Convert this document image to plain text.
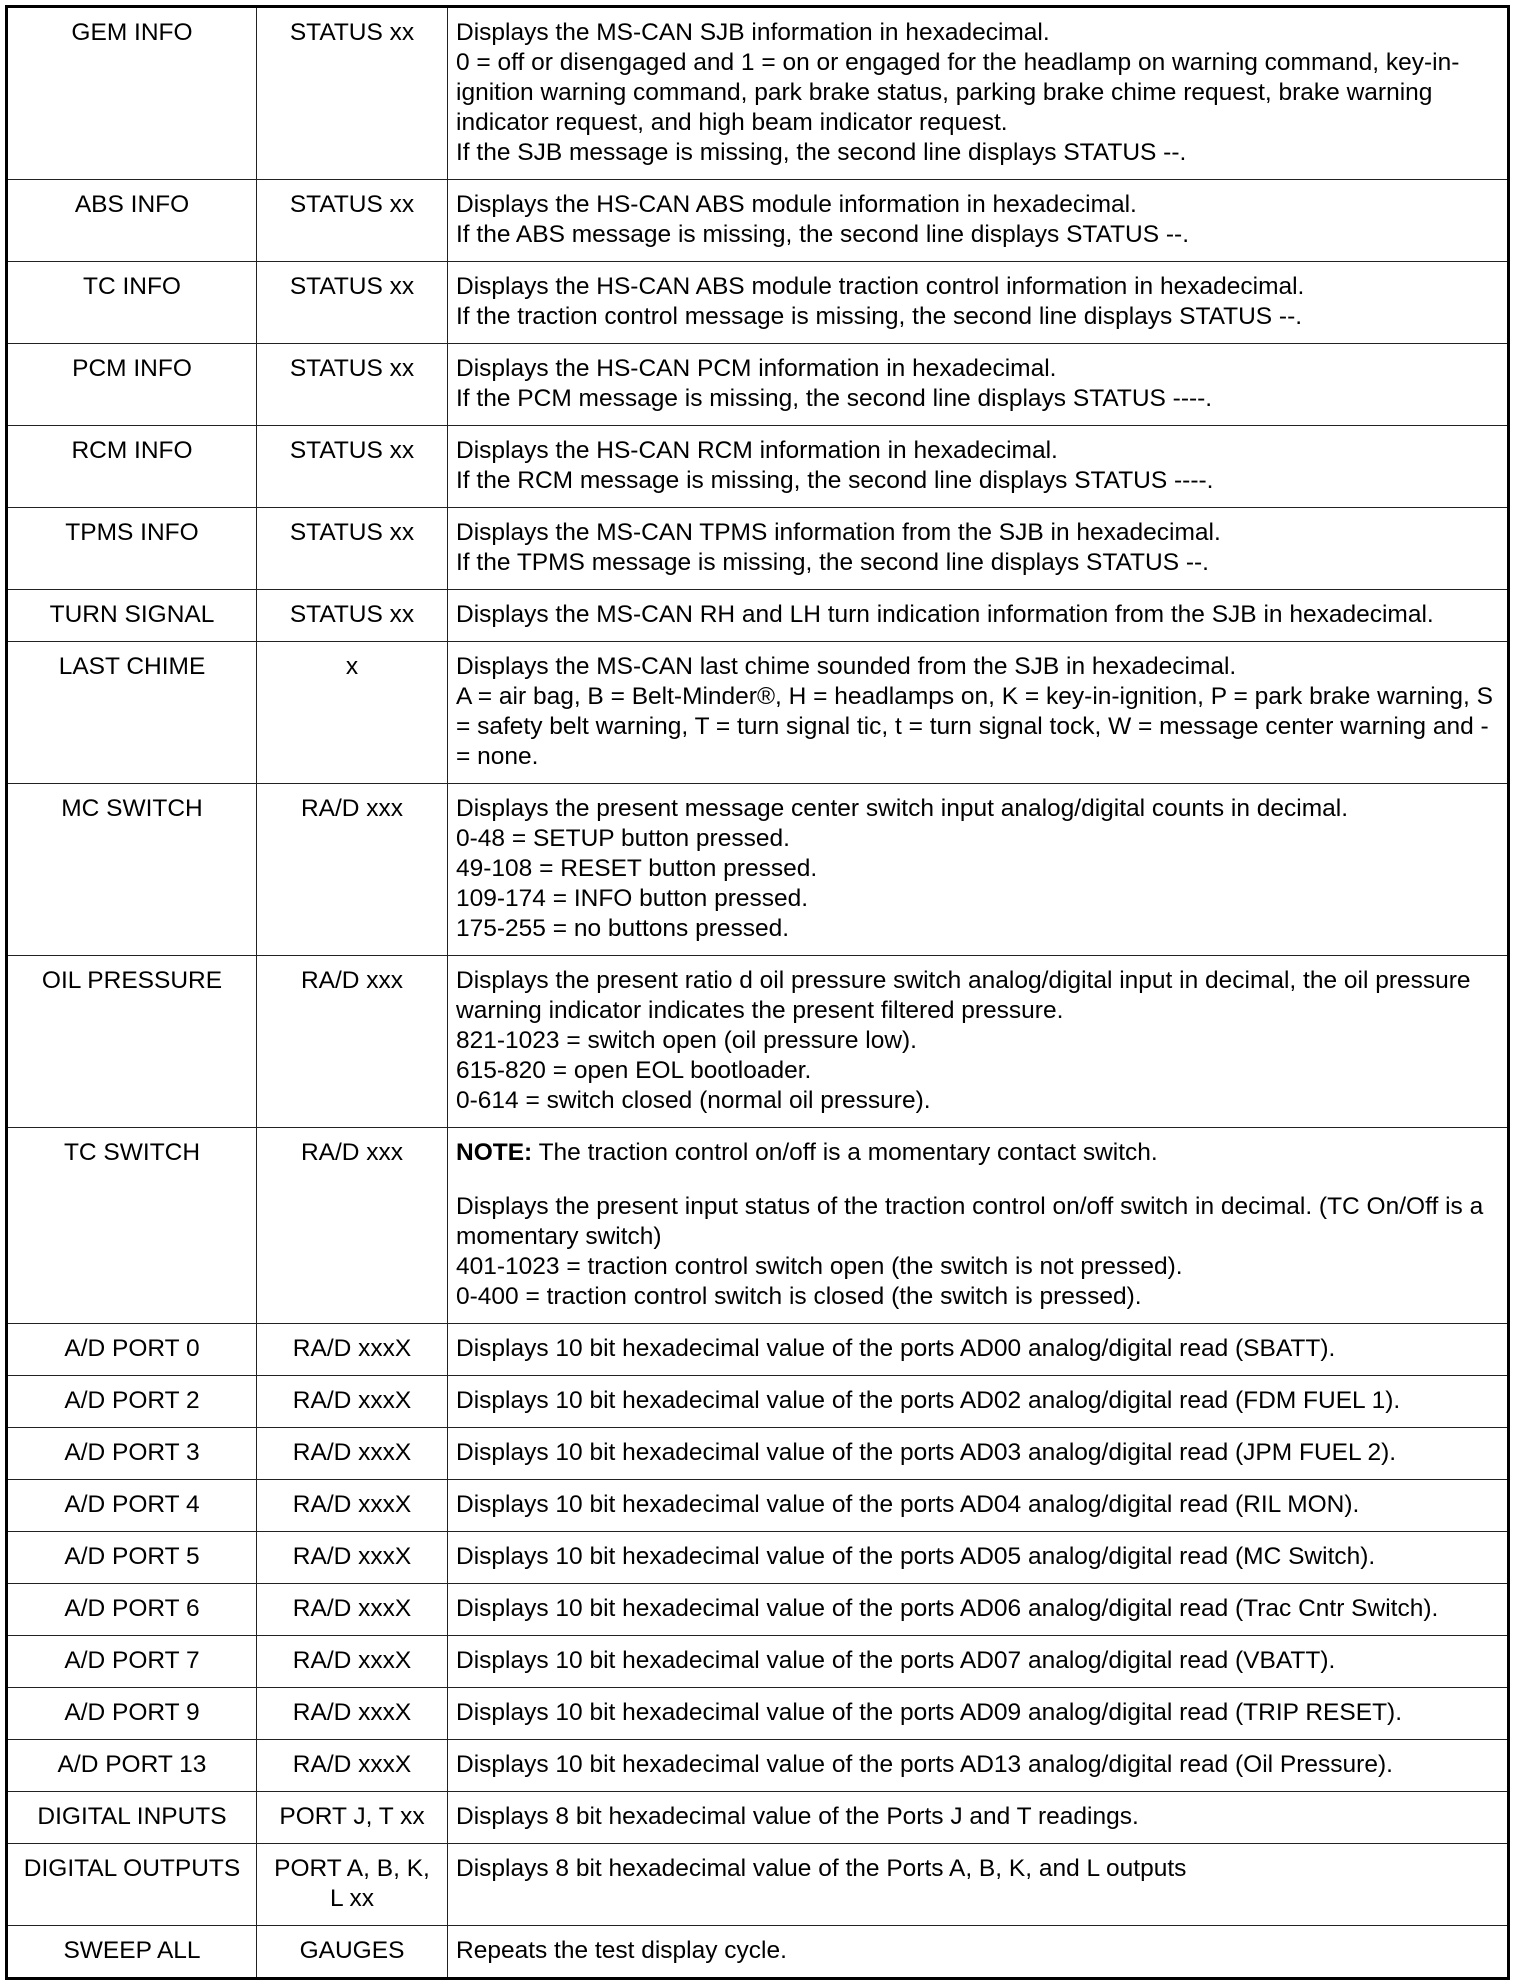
GEM INFO	STATUS xx	Displays the MS-CAN SJB information in hexadecimal.
0 = off or disengaged and 1 = on or engaged for the headlamp on warning command, key-in-ignition warning command, park brake status, parking brake chime request, brake warning indicator request, and high beam indicator request.
If the SJB message is missing, the second line displays STATUS --.

ABS INFO	STATUS xx	Displays the HS-CAN ABS module information in hexadecimal.
If the ABS message is missing, the second line displays STATUS --.

TC INFO	STATUS xx	Displays the HS-CAN ABS module traction control information in hexadecimal.
If the traction control message is missing, the second line displays STATUS --.

PCM INFO	STATUS xx	Displays the HS-CAN PCM information in hexadecimal.
If the PCM message is missing, the second line displays STATUS ----.

RCM INFO	STATUS xx	Displays the HS-CAN RCM information in hexadecimal.
If the RCM message is missing, the second line displays STATUS ----.

TPMS INFO	STATUS xx	Displays the MS-CAN TPMS information from the SJB in hexadecimal.
If the TPMS message is missing, the second line displays STATUS --.

TURN SIGNAL	STATUS xx	Displays the MS-CAN RH and LH turn indication information from the SJB in hexadecimal.

LAST CHIME	x	Displays the MS-CAN last chime sounded from the SJB in hexadecimal.
A = air bag, B = Belt-Minder®, H = headlamps on, K = key-in-ignition, P = park brake warning, S = safety belt warning, T = turn signal tic, t = turn signal tock, W = message center warning and - = none.

MC SWITCH	RA/D xxx	Displays the present message center switch input analog/digital counts in decimal.
0-48 = SETUP button pressed.
49-108 = RESET button pressed.
109-174 = INFO button pressed.
175-255 = no buttons pressed.

OIL PRESSURE	RA/D xxx	Displays the present ratio d oil pressure switch analog/digital input in decimal, the oil pressure warning indicator indicates the present filtered pressure.
821-1023 = switch open (oil pressure low).
615-820 = open EOL bootloader.
0-614 = switch closed (normal oil pressure).

TC SWITCH	RA/D xxx	NOTE: The traction control on/off is a momentary contact switch.
Displays the present input status of the traction control on/off switch in decimal. (TC On/Off is a momentary switch)
401-1023 = traction control switch open (the switch is not pressed).
0-400 = traction control switch is closed (the switch is pressed).

A/D PORT 0	RA/D xxxX	Displays 10 bit hexadecimal value of the ports AD00 analog/digital read (SBATT).

A/D PORT 2	RA/D xxxX	Displays 10 bit hexadecimal value of the ports AD02 analog/digital read (FDM FUEL 1).

A/D PORT 3	RA/D xxxX	Displays 10 bit hexadecimal value of the ports AD03 analog/digital read (JPM FUEL 2).

A/D PORT 4	RA/D xxxX	Displays 10 bit hexadecimal value of the ports AD04 analog/digital read (RIL MON).

A/D PORT 5	RA/D xxxX	Displays 10 bit hexadecimal value of the ports AD05 analog/digital read (MC Switch).

A/D PORT 6	RA/D xxxX	Displays 10 bit hexadecimal value of the ports AD06 analog/digital read (Trac Cntr Switch).

A/D PORT 7	RA/D xxxX	Displays 10 bit hexadecimal value of the ports AD07 analog/digital read (VBATT).

A/D PORT 9	RA/D xxxX	Displays 10 bit hexadecimal value of the ports AD09 analog/digital read (TRIP RESET).

A/D PORT 13	RA/D xxxX	Displays 10 bit hexadecimal value of the ports AD13 analog/digital read (Oil Pressure).

DIGITAL INPUTS	PORT J, T xx	Displays 8 bit hexadecimal value of the Ports J and T readings.

DIGITAL OUTPUTS	PORT A, B, K, L xx	Displays 8 bit hexadecimal value of the Ports A, B, K, and L outputs

SWEEP ALL	GAUGES	Repeats the test display cycle.
